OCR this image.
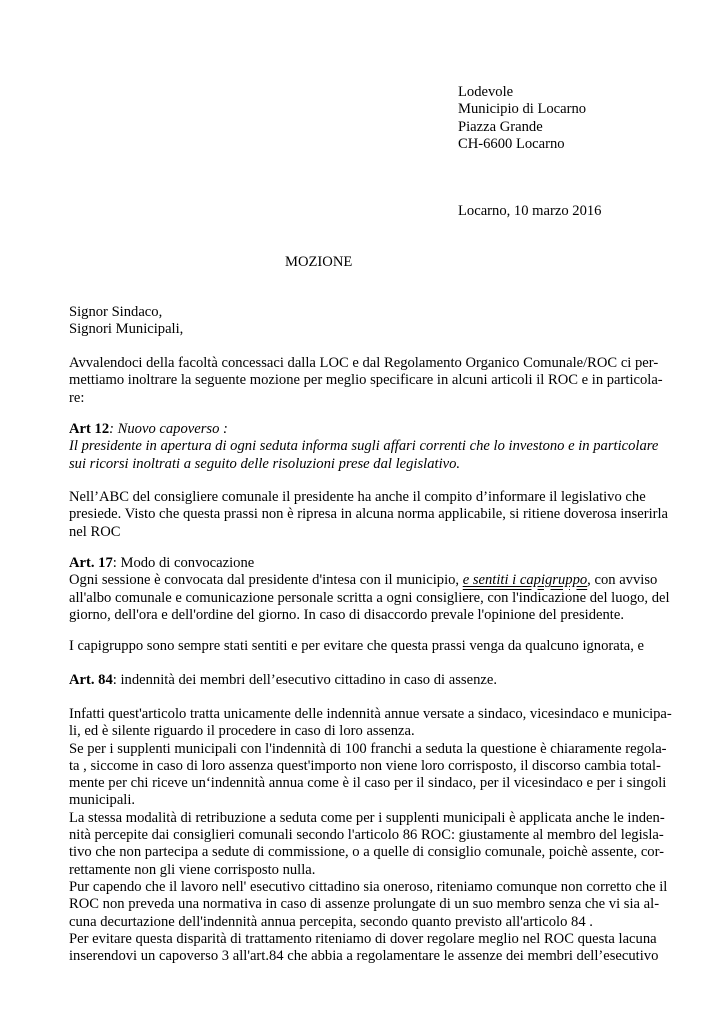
Lodevole
Municipio di Locarno
Piazza Grande
CH-6600 Locarno
Locarno, 10 marzo 2016
MOZIONE
Signor Sindaco,
Signori Municipali,
Avvalendoci della facoltà concessaci dalla LOC e dal Regolamento Organico Comunale/ROC ci per-
mettiamo inoltrare la seguente mozione per meglio specificare in alcuni articoli il ROC e in particola-
re:
Art 12: Nuovo capoverso :
Il presidente in apertura di ogni seduta informa sugli affari correnti che lo investono e in particolare
sui ricorsi inoltrati a seguito delle risoluzioni prese dal legislativo.
Nell’ABC del consigliere comunale il presidente ha anche il compito d’informare il legislativo che
presiede. Visto che questa prassi non è ripresa in alcuna norma applicabile, si ritiene doverosa inserirla
nel ROC
Art. 17: Modo di convocazione
Ogni sessione è convocata dal presidente d'intesa con il municipio, e sentiti i capigruppo, con avviso
all'albo comunale e comunicazione personale scritta a ogni consigliere, con l'indicazione del luogo, del
giorno, dell'ora e dell'ordine del giorno. In caso di disaccordo prevale l'opinione del presidente.
I capigruppo sono sempre stati sentiti e per evitare che questa prassi venga da qualcuno ignorata, e
Art. 84: indennità dei membri dell’esecutivo cittadino in caso di assenze.
Infatti quest'articolo tratta unicamente delle indennità annue versate a sindaco, vicesindaco e municipa-
li, ed è silente riguardo il procedere in caso di loro assenza.
Se per i supplenti municipali con l'indennità di 100 franchi a seduta la questione è chiaramente regola-
ta , siccome in caso di loro assenza quest'importo non viene loro corrisposto, il discorso cambia total-
mente per chi riceve un‘indennità annua come è il caso per il sindaco, per il vicesindaco e per i singoli
municipali.
La stessa modalità di retribuzione a seduta come per i supplenti municipali è applicata anche le inden-
nità percepite dai consiglieri comunali secondo l'articolo 86 ROC: giustamente al membro del legisla-
tivo che non partecipa a sedute di commissione, o a quelle di consiglio comunale, poichè assente, cor-
rettamente non gli viene corrisposto nulla.
Pur capendo che il lavoro nell' esecutivo cittadino sia oneroso, riteniamo comunque non corretto che il
ROC non preveda una normativa in caso di assenze prolungate di un suo membro senza che vi sia al-
cuna decurtazione dell'indennità annua percepita, secondo quanto previsto all'articolo 84 .
Per evitare questa disparità di trattamento riteniamo di dover regolare meglio nel ROC questa lacuna
inserendovi un capoverso 3 all'art.84 che abbia a regolamentare le assenze dei membri dell’esecutivo
